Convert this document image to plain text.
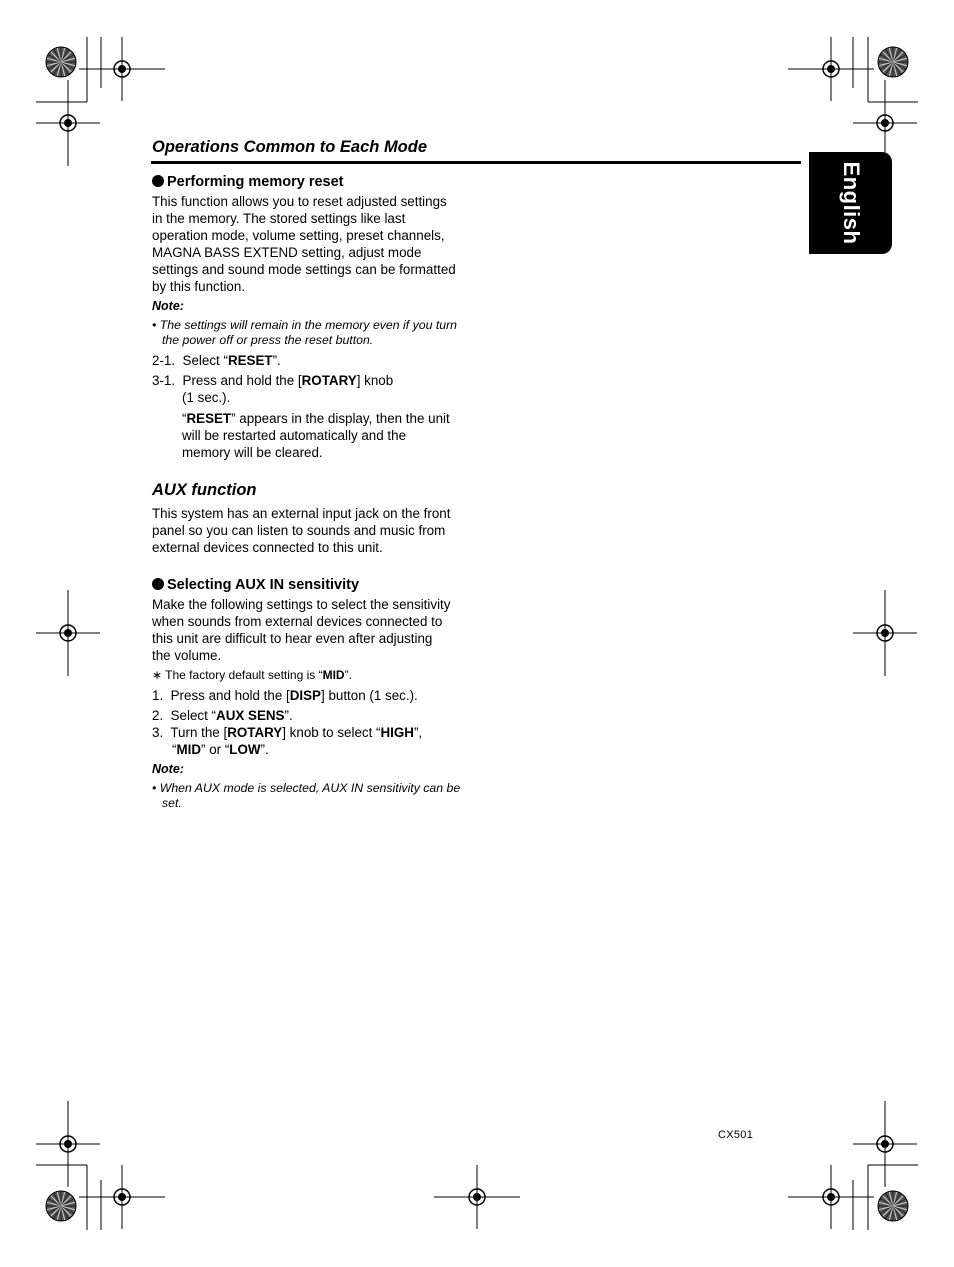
Operations Common to Each Mode
English
Performing memory reset
This function allows you to reset adjusted settings in the memory. The stored settings like last operation mode, volume setting, preset channels, MAGNA BASS EXTEND setting, adjust mode settings and sound mode settings can be formatted by this function.
Note:
• The settings will remain in the memory even if you turn the power off or press the reset button.
2-1. Select “RESET”.
3-1. Press and hold the [ROTARY] knob
(1 sec.).
“RESET” appears in the display, then the unit will be restarted automatically and the memory will be cleared.
AUX function
This system has an external input jack on the front panel so you can listen to sounds and music from external devices connected to this unit.
Selecting AUX IN sensitivity
Make the following settings to select the sensitivity when sounds from external devices connected to this unit are difficult to hear even after adjusting the volume.
∗ The factory default setting is “MID”.
1. Press and hold the [DISP] button (1 sec.).
2. Select “AUX SENS”.
3. Turn the [ROTARY] knob to select “HIGH”,
“MID” or “LOW”.
Note:
• When AUX mode is selected, AUX IN sensitivity can be set.
CX501
